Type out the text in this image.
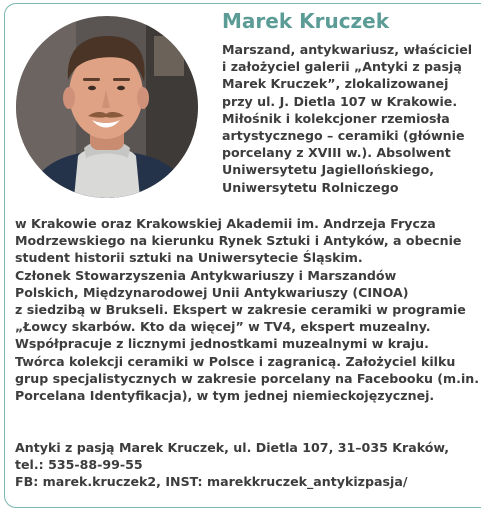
Marek Kruczek
Marszand, antykwariusz, właściciel
i założyciel galerii „Antyki z pasją
Marek Kruczek”, zlokalizowanej
przy ul. J. Dietla 107 w Krakowie.
Miłośnik i kolekcjoner rzemiosła
artystycznego – ceramiki (głównie
porcelany z XVIII w.). Absolwent
Uniwersytetu Jagiellońskiego,
Uniwersytetu Rolniczego
w Krakowie oraz Krakowskiej Akademii im. Andrzeja Frycza
Modrzewskiego na kierunku Rynek Sztuki i Antyków, a obecnie
student historii sztuki na Uniwersytecie Śląskim.
Członek Stowarzyszenia Antykwariuszy i Marszandów
Polskich, Międzynarodowej Unii Antykwariuszy (CINOA)
z siedzibą w Brukseli. Ekspert w zakresie ceramiki w programie
„Łowcy skarbów. Kto da więcej” w TV4, ekspert muzealny.
Współpracuje z licznymi jednostkami muzealnymi w kraju.
Twórca kolekcji ceramiki w Polsce i zagranicą. Założyciel kilku
grup specjalistycznych w zakresie porcelany na Facebooku (m.in.
Porcelana Identyfikacja), w tym jednej niemieckojęzycznej.
Antyki z pasją Marek Kruczek, ul. Dietla 107, 31–035 Kraków,
tel.: 535-88-99-55
FB: marek.kruczek2, INST: marekkruczek_antykizpasja/
